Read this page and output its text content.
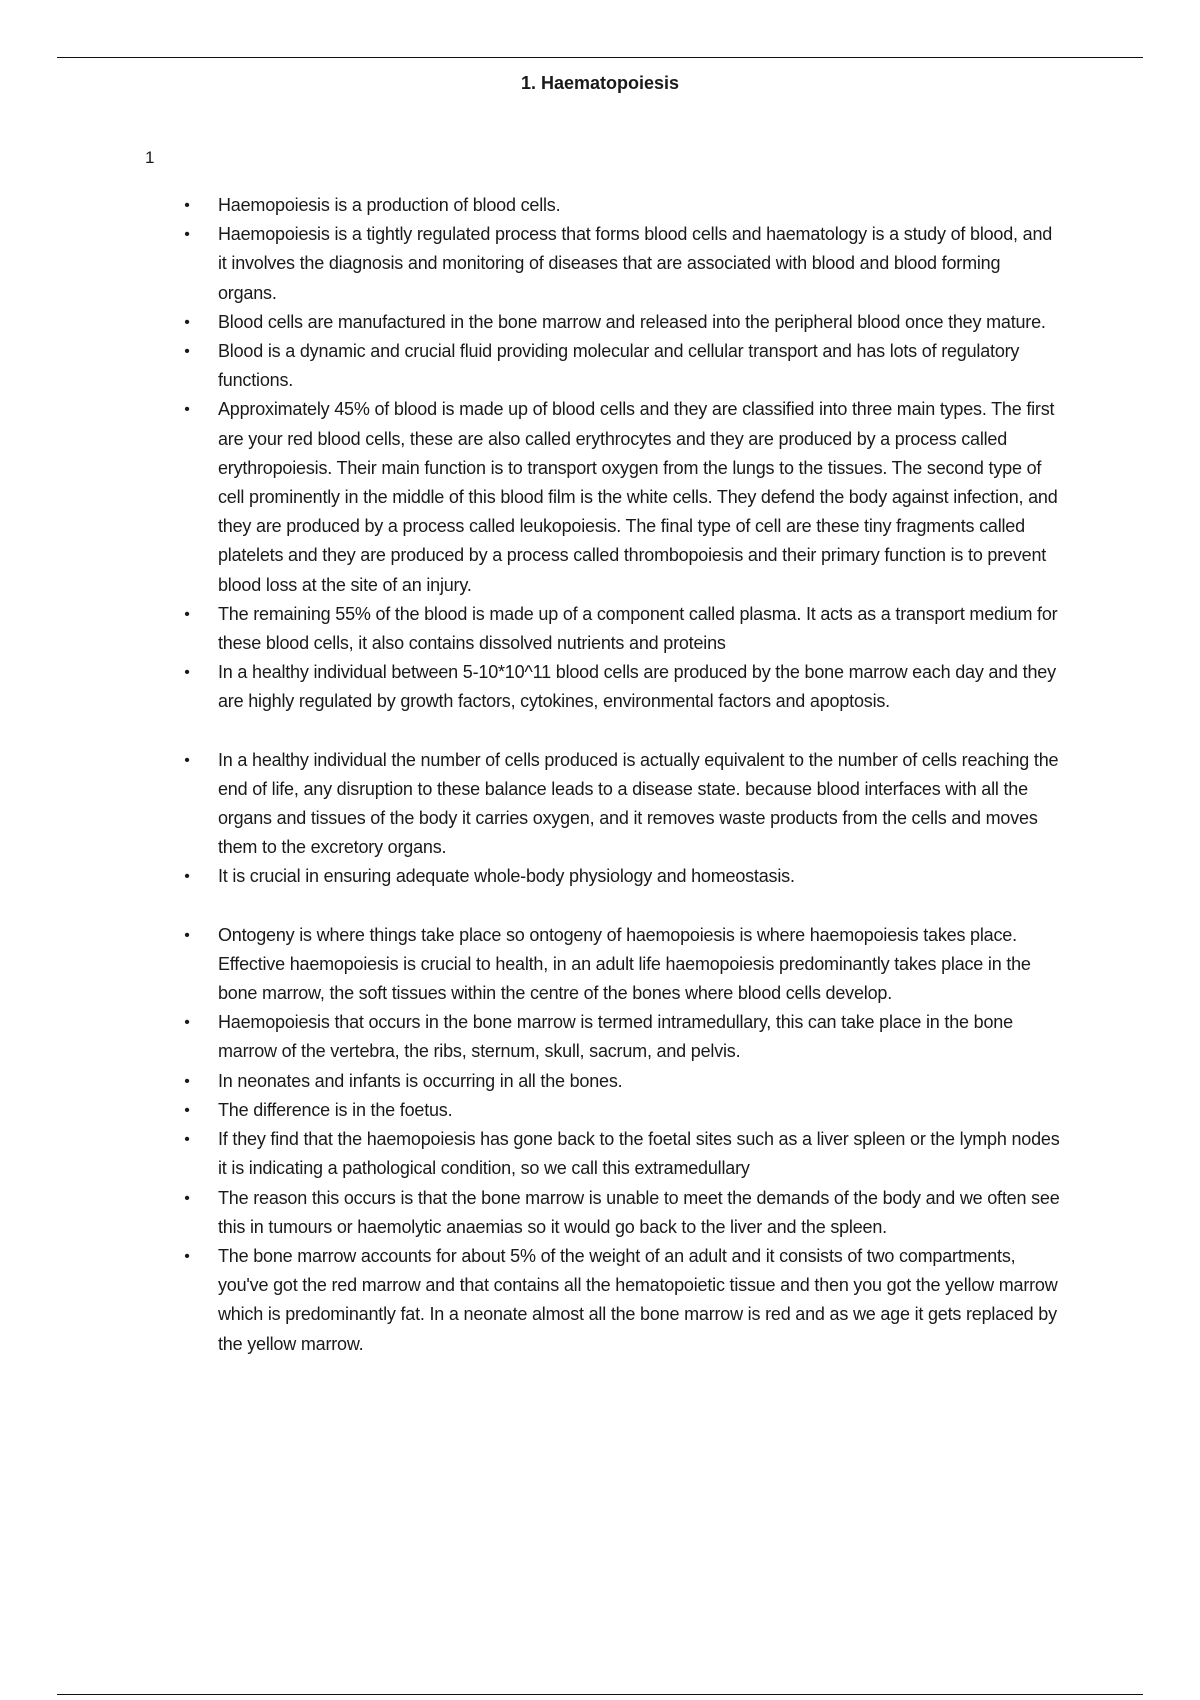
1. Haematopoiesis
1
• Haemopoiesis is a production of blood cells.
• Haemopoiesis is a tightly regulated process that forms blood cells and haematology is a study of blood, and it involves the diagnosis and monitoring of diseases that are associated with blood and blood forming organs.
• Blood cells are manufactured in the bone marrow and released into the peripheral blood once they mature.
• Blood is a dynamic and crucial fluid providing molecular and cellular transport and has lots of regulatory functions.
• Approximately 45% of blood is made up of blood cells and they are classified into three main types. The first are your red blood cells, these are also called erythrocytes and they are produced by a process called erythropoiesis. Their main function is to transport oxygen from the lungs to the tissues. The second type of cell prominently in the middle of this blood film is the white cells. They defend the body against infection, and they are produced by a process called leukopoiesis. The final type of cell are these tiny fragments called platelets and they are produced by a process called thrombopoiesis and their primary function is to prevent blood loss at the site of an injury.
• The remaining 55% of the blood is made up of a component called plasma. It acts as a transport medium for these blood cells, it also contains dissolved nutrients and proteins
• In a healthy individual between 5-10*10^11 blood cells are produced by the bone marrow each day and they are highly regulated by growth factors, cytokines, environmental factors and apoptosis.
• In a healthy individual the number of cells produced is actually equivalent to the number of cells reaching the end of life, any disruption to these balance leads to a disease state. because blood interfaces with all the organs and tissues of the body it carries oxygen, and it removes waste products from the cells and moves them to the excretory organs.
• It is crucial in ensuring adequate whole-body physiology and homeostasis.
• Ontogeny is where things take place so ontogeny of haemopoiesis is where haemopoiesis takes place. Effective haemopoiesis is crucial to health, in an adult life haemopoiesis predominantly takes place in the bone marrow, the soft tissues within the centre of the bones where blood cells develop.
• Haemopoiesis that occurs in the bone marrow is termed intramedullary, this can take place in the bone marrow of the vertebra, the ribs, sternum, skull, sacrum, and pelvis.
• In neonates and infants is occurring in all the bones.
• The difference is in the foetus.
• If they find that the haemopoiesis has gone back to the foetal sites such as a liver spleen or the lymph nodes it is indicating a pathological condition, so we call this extramedullary
• The reason this occurs is that the bone marrow is unable to meet the demands of the body and we often see this in tumours or haemolytic anaemias so it would go back to the liver and the spleen.
• The bone marrow accounts for about 5% of the weight of an adult and it consists of two compartments, you've got the red marrow and that contains all the hematopoietic tissue and then you got the yellow marrow which is predominantly fat. In a neonate almost all the bone marrow is red and as we age it gets replaced by the yellow marrow.
